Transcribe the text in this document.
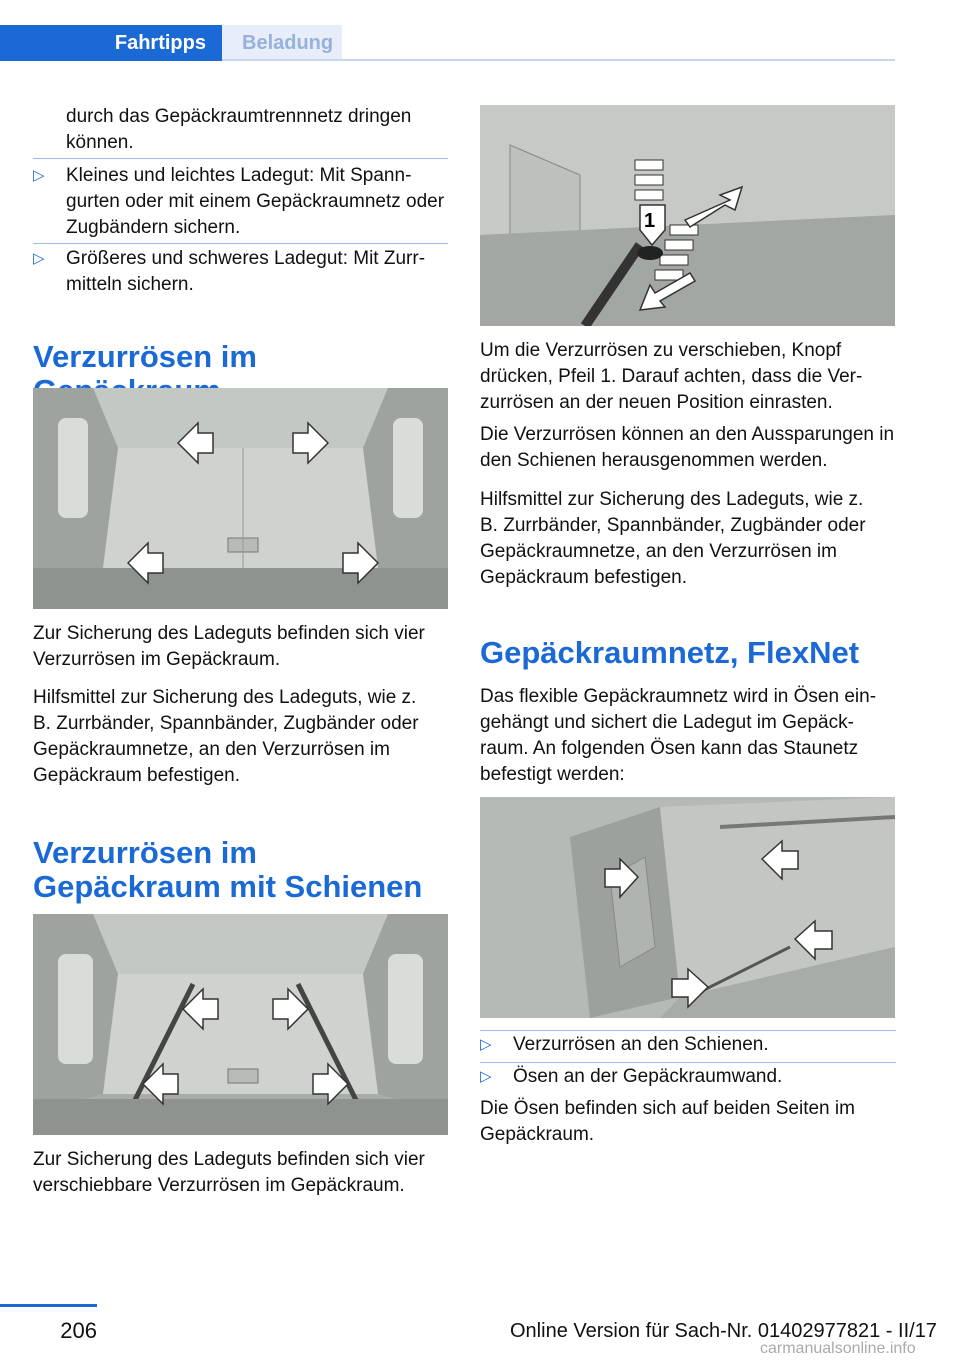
Fahrtipps	Beladung

durch das Gepäckraumtrennnetz dringen können.

▷	Kleines und leichtes Ladegut: Mit Spanngurten oder mit einem Gepäckraumnetz oder Zugbändern sichern.
▷	Größeres und schweres Ladegut: Mit Zurrmitteln sichern.
Verzurrösen im

Zur Sicherung des Ladeguts befinden sich vier Verzurrösen im Gepäckraum.

Hilfsmittel zur Sicherung des Ladeguts, wie z. B. Zurrbänder, Spannbänder, Zugbänder oder Gepäckraumnetze, an den Verzurrösen im Gepäckraum befestigen.

Verzurrösen im Gepäckraum mit Schienen

Zur Sicherung des Ladeguts befinden sich vier verschiebbare Verzurrösen im Gepäckraum.

1

Um die Verzurrösen zu verschieben, Knopf drücken, Pfeil 1. Darauf achten, dass die Verzurrösen an der neuen Position einrasten.

Die Verzurrösen können an den Aussparungen in den Schienen herausgenommen werden.

Hilfsmittel zur Sicherung des Ladeguts, wie z. B. Zurrbänder, Spannbänder, Zugbänder oder Gepäckraumnetze, an den Verzurrösen im Gepäckraum befestigen.

Gepäckraumnetz, FlexNet

Das flexible Gepäckraumnetz wird in Ösen eingehängt und sichert die Ladegut im Gepäckraum. An folgenden Ösen kann das Staunetz befestigt werden:

▷	Verzurrösen an den Schienen.
▷	Ösen an der Gepäckraumwand.

Die Ösen befinden sich auf beiden Seiten im Gepäckraum.

206	Online Version für Sach-Nr. 01402977821 - II/17
carmanualsonline.info
